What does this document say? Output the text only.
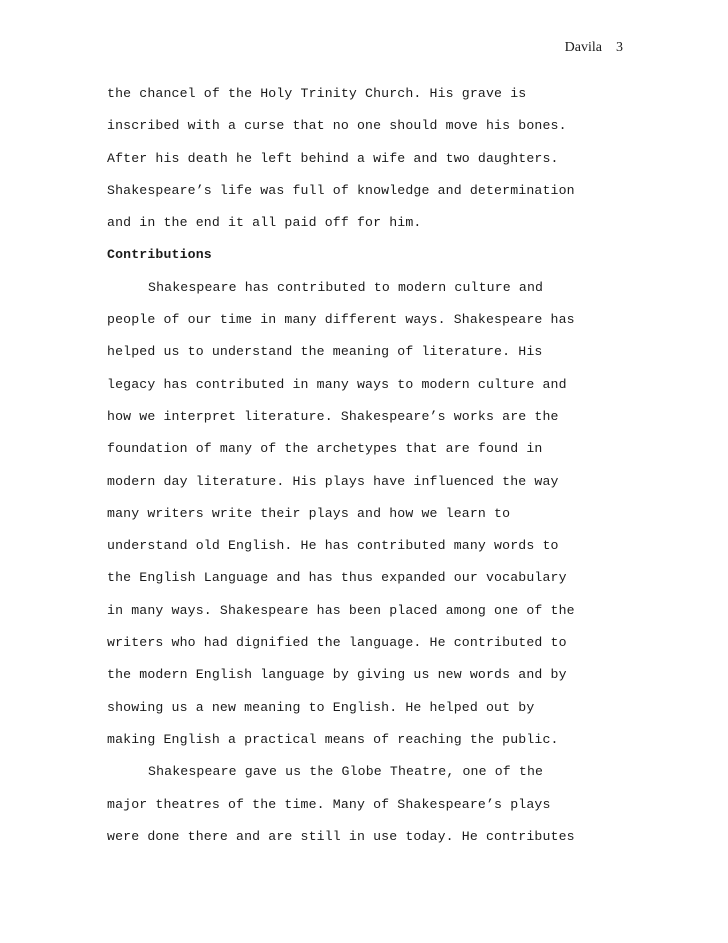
Davila 3
the chancel of the Holy Trinity Church. His grave is
inscribed with a curse that no one should move his bones.
After his death he left behind a wife and two daughters.
Shakespeare’s life was full of knowledge and determination
and in the end it all paid off for him.
Contributions
Shakespeare has contributed to modern culture and
people of our time in many different ways. Shakespeare has
helped us to understand the meaning of literature. His
legacy has contributed in many ways to modern culture and
how we interpret literature. Shakespeare’s works are the
foundation of many of the archetypes that are found in
modern day literature. His plays have influenced the way
many writers write their plays and how we learn to
understand old English. He has contributed many words to
the English Language and has thus expanded our vocabulary
in many ways. Shakespeare has been placed among one of the
writers who had dignified the language. He contributed to
the modern English language by giving us new words and by
showing us a new meaning to English. He helped out by
making English a practical means of reaching the public.
Shakespeare gave us the Globe Theatre, one of the
major theatres of the time. Many of Shakespeare’s plays
were done there and are still in use today. He contributes
